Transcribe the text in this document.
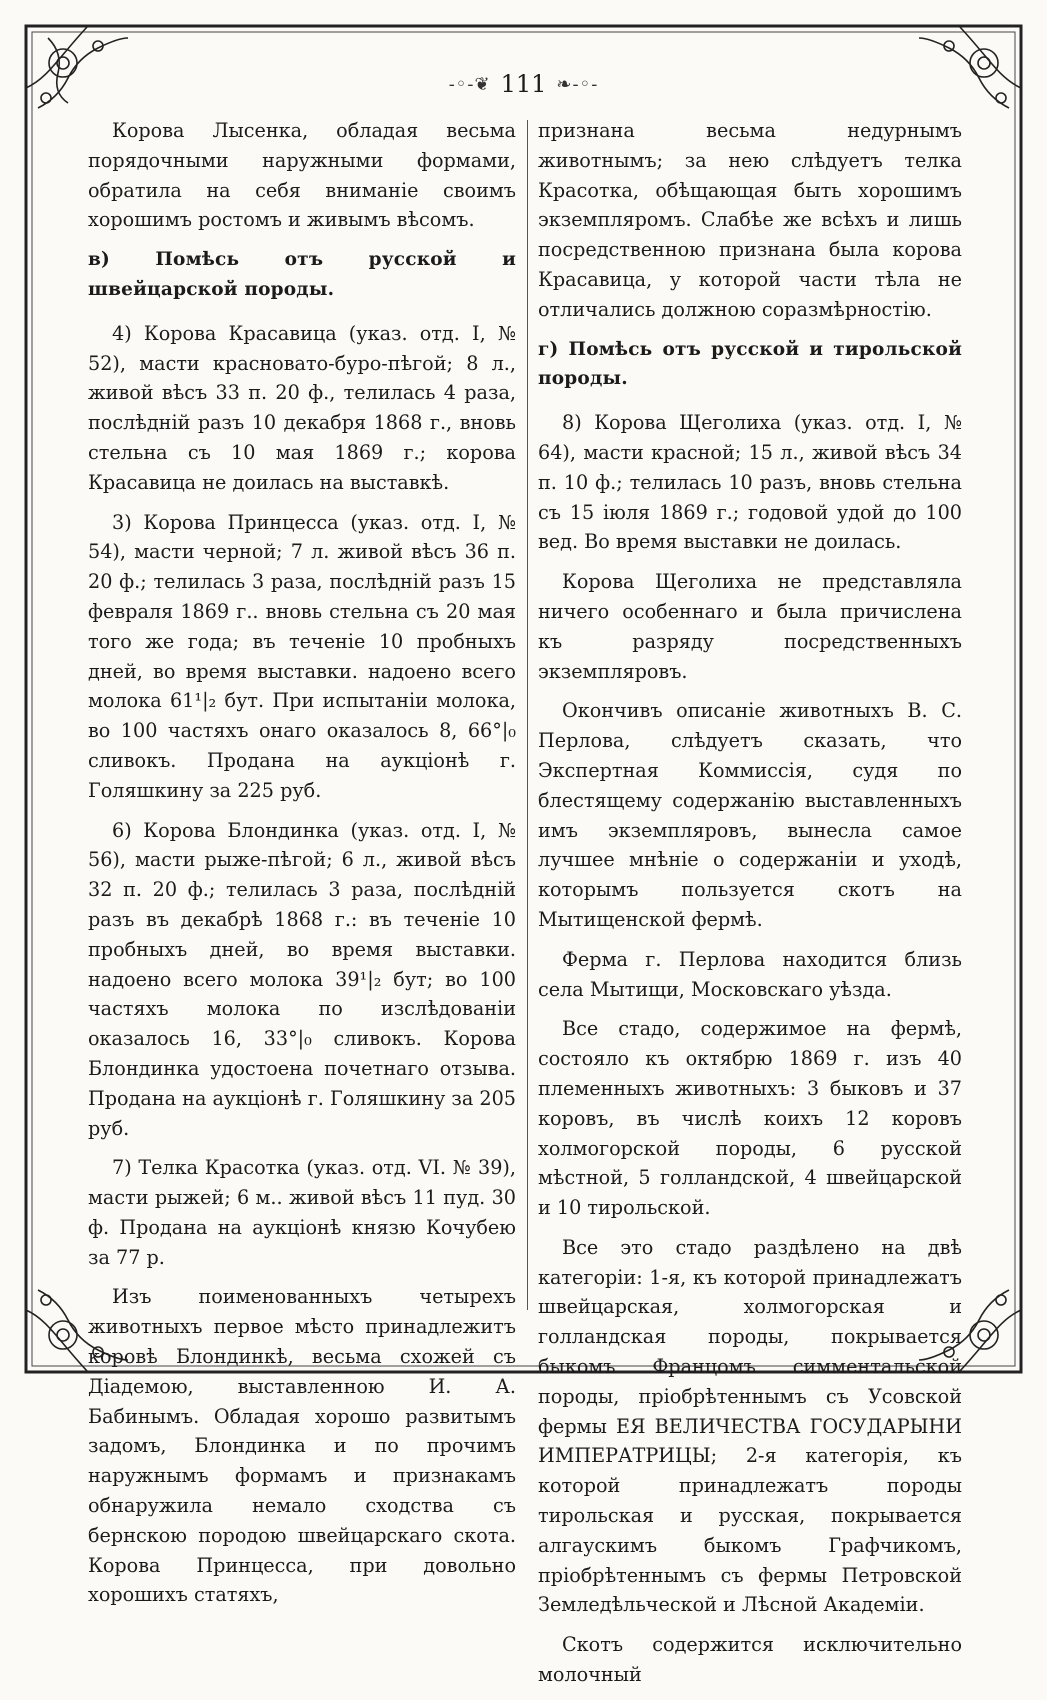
-◦-❦ 111 ❧-◦-

Корова Лысенка, обладая весьма порядочными наружными формами, обратила на себя вниманіе своимъ хорошимъ ростомъ и живымъ вѣсомъ.

в) Помѣсь отъ русской и швейцарской породы.

4) Корова Красавица (указ. отд. I, № 52), масти красновато-буро-пѣгой; 8 л., живой вѣсъ 33 п. 20 ф., телилась 4 раза, послѣдній разъ 10 декабря 1868 г., вновь стельна съ 10 мая 1869 г.; корова Красавица не доилась на выставкѣ.

3) Корова Принцесса (указ. отд. I, № 54), масти черной; 7 л. живой вѣсъ 36 п. 20 ф.; телилась 3 раза, послѣдній разъ 15 февраля 1869 г.. вновь стельна съ 20 мая того же года; въ теченіе 10 пробныхъ дней, во время выставки. надоено всего молока 61¹|₂ бут. При испытаніи молока, во 100 частяхъ онаго оказалось 8, 66°|₀ сливокъ. Продана на аукціонѣ г. Голяшкину за 225 руб.

6) Корова Блондинка (указ. отд. I, № 56), масти рыже-пѣгой; 6 л., живой вѣсъ 32 п. 20 ф.; телилась 3 раза, послѣдній разъ въ декабрѣ 1868 г.: въ теченіе 10 пробныхъ дней, во время выставки. надоено всего молока 39¹|₂ бут; во 100 частяхъ молока по изслѣдованіи оказалось 16, 33°|₀ сливокъ. Корова Блондинка удостоена почетнаго отзыва. Продана на аукціонѣ г. Голяшкину за 205 руб.

7) Телка Красотка (указ. отд. VI. № 39), масти рыжей; 6 м.. живой вѣсъ 11 пуд. 30 ф. Продана на аукціонѣ князю Кочубею за 77 р.

Изъ поименованныхъ четырехъ животныхъ первое мѣсто принадлежитъ коровѣ Блондинкѣ, весьма схожей съ Діадемою, выставленною И. А. Бабинымъ. Обладая хорошо развитымъ задомъ, Блондинка и по прочимъ наружнымъ формамъ и признакамъ обнаружила немало сходства съ бернскою породою швейцарскаго скота. Корова Принцесса, при довольно хорошихъ статяхъ,

признана весьма недурнымъ животнымъ; за нею слѣдуетъ телка Красотка, обѣщающая быть хорошимъ экземпляромъ. Слабѣе же всѣхъ и лишь посредственною признана была корова Красавица, у которой части тѣла не отличались должною соразмѣрностію.

г) Помѣсь отъ русской и тирольской породы.

8) Корова Щеголиха (указ. отд. I, № 64), масти красной; 15 л., живой вѣсъ 34 п. 10 ф.; телилась 10 разъ, вновь стельна съ 15 іюля 1869 г.; годовой удой до 100 вед. Во время выставки не доилась.

Корова Щеголиха не представляла ничего особеннаго и была причислена къ разряду посредственныхъ экземпляровъ.

Окончивъ описаніе животныхъ В. С. Перлова, слѣдуетъ сказать, что Экспертная Коммиссія, судя по блестящему содержанію выставленныхъ имъ экземпляровъ, вынесла самое лучшее мнѣніе о содержаніи и уходѣ, которымъ пользуется скотъ на Мытищенской фермѣ.

Ферма г. Перлова находится близь села Мытищи, Московскаго уѣзда.

Все стадо, содержимое на фермѣ, состояло къ октябрю 1869 г. изъ 40 племенныхъ животныхъ: 3 быковъ и 37 коровъ, въ числѣ коихъ 12 коровъ холмогорской породы, 6 русской мѣстной, 5 голландской, 4 швейцарской и 10 тирольской.

Все это стадо раздѣлено на двѣ категоріи: 1-я, къ которой принадлежатъ швейцарская, холмогорская и голландская породы, покрывается быкомъ Францомъ симментальской породы, пріобрѣтеннымъ съ Усовской фермы ЕЯ ВЕЛИЧЕСТВА ГОСУДАРЫНИ ИМПЕРАТРИЦЫ; 2-я категорія, къ которой принадлежатъ породы тирольская и русская, покрывается алгаускимъ быкомъ Графчикомъ, пріобрѣтеннымъ съ фермы Петровской Земледѣльческой и Лѣсной Академіи.

Скотъ содержится исключительно молочный
